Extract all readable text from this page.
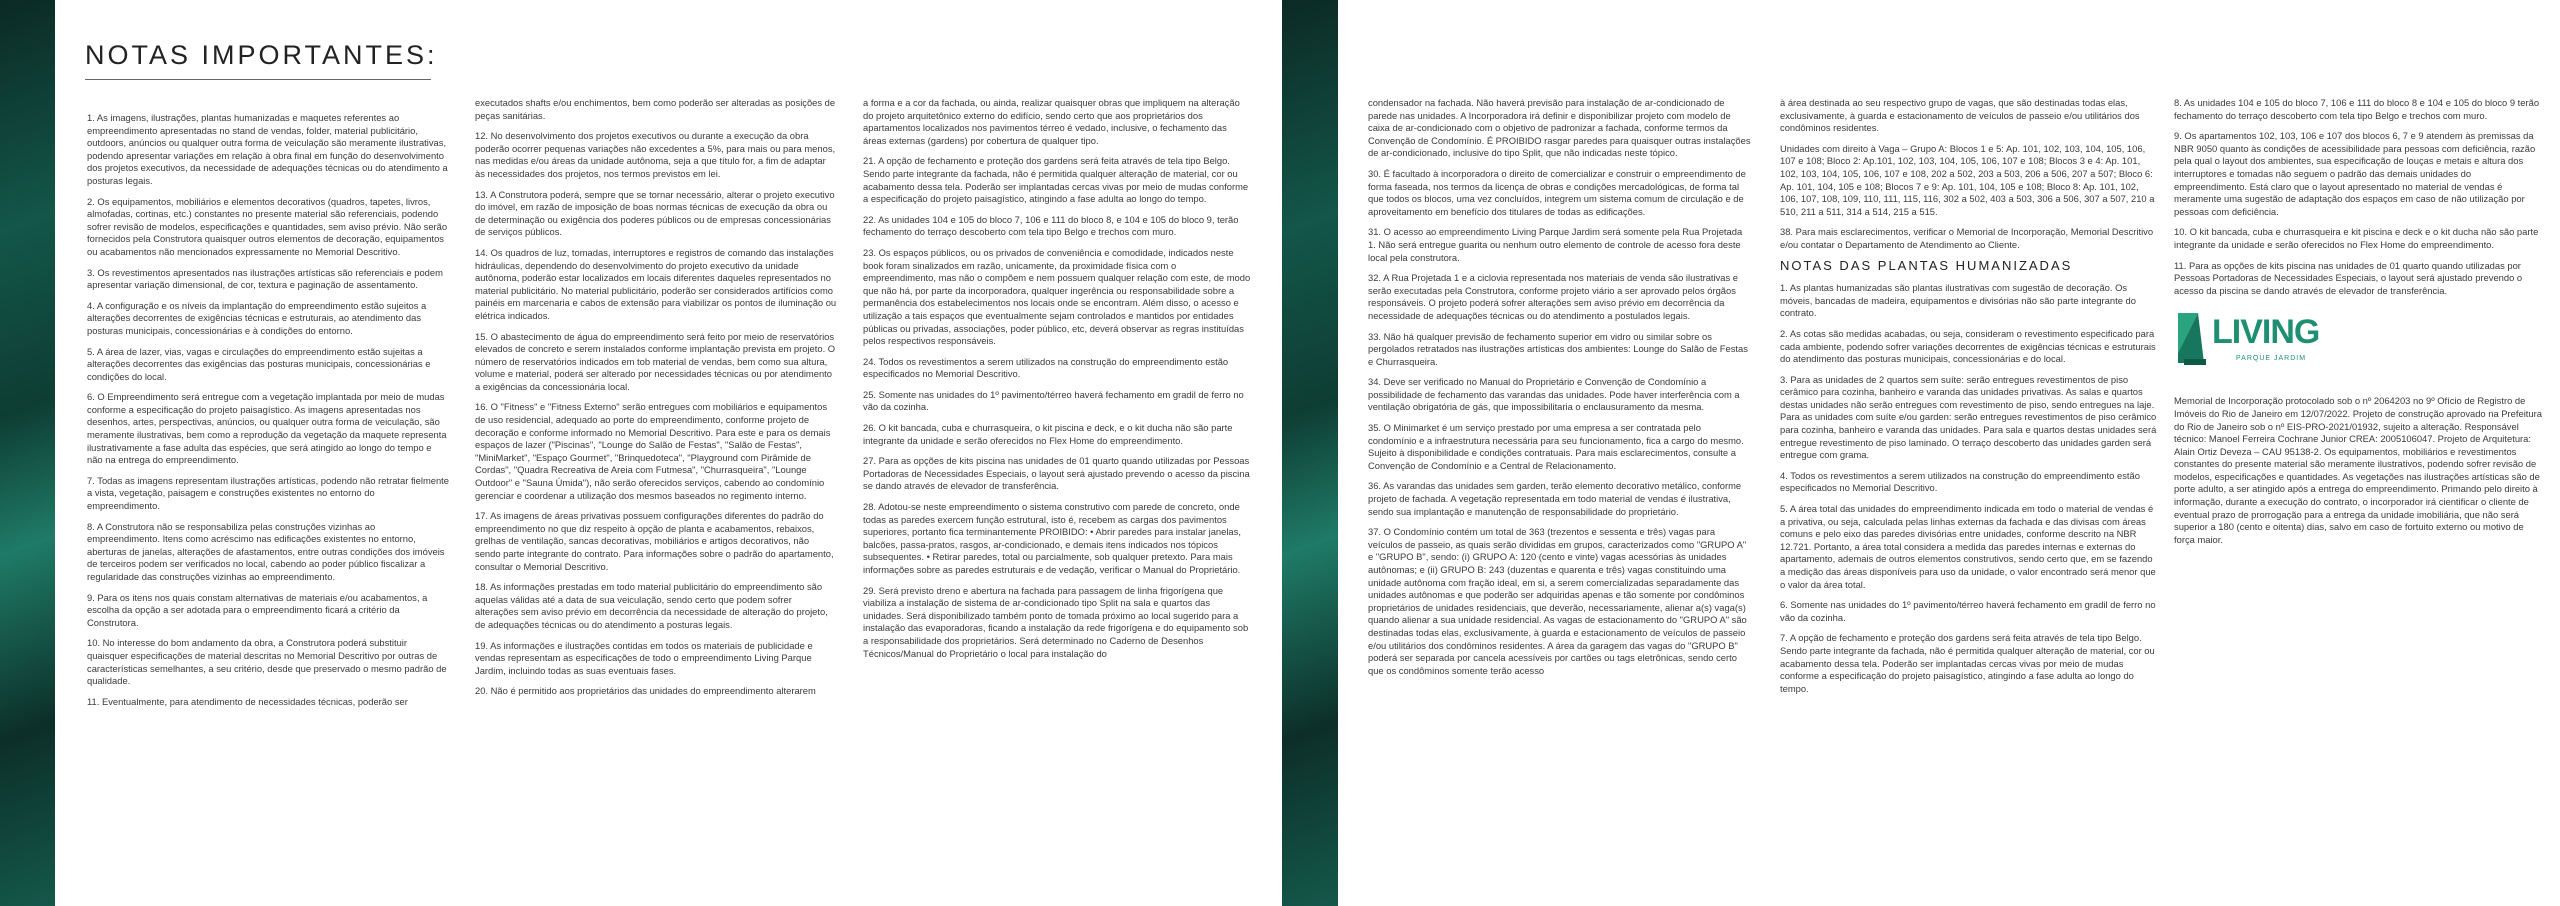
NOTAS IMPORTANTES:

1. As imagens, ilustrações, plantas humanizadas e maquetes referentes ao empreendimento apresentadas no stand de vendas, folder, material publicitário, outdoors, anúncios ou qualquer outra forma de veiculação são meramente ilustrativas, podendo apresentar variações em relação à obra final em função do desenvolvimento dos projetos executivos, da necessidade de adequações técnicas ou do atendimento a posturas legais.

2. Os equipamentos, mobiliários e elementos decorativos (quadros, tapetes, livros, almofadas, cortinas, etc.) constantes no presente material são referenciais, podendo sofrer revisão de modelos, especificações e quantidades, sem aviso prévio. Não serão fornecidos pela Construtora quaisquer outros elementos de decoração, equipamentos ou acabamentos não mencionados expressamente no Memorial Descritivo.

3. Os revestimentos apresentados nas ilustrações artísticas são referenciais e podem apresentar variação dimensional, de cor, textura e paginação de assentamento.

4. A configuração e os níveis da implantação do empreendimento estão sujeitos a alterações decorrentes de exigências técnicas e estruturais, ao atendimento das posturas municipais, concessionárias e à condições do entorno.

5. A área de lazer, vias, vagas e circulações do empreendimento estão sujeitas a alterações decorrentes das exigências das posturas municipais, concessionárias e condições do local.

6. O Empreendimento será entregue com a vegetação implantada por meio de mudas conforme a especificação do projeto paisagístico. As imagens apresentadas nos desenhos, artes, perspectivas, anúncios, ou qualquer outra forma de veiculação, são meramente ilustrativas, bem como a reprodução da vegetação da maquete representa ilustrativamente a fase adulta das espécies, que será atingido ao longo do tempo e não na entrega do empreendimento.

7. Todas as imagens representam ilustrações artísticas, podendo não retratar fielmente a vista, vegetação, paisagem e construções existentes no entorno do empreendimento.

8. A Construtora não se responsabiliza pelas construções vizinhas ao empreendimento. Itens como acréscimo nas edificações existentes no entorno, aberturas de janelas, alterações de afastamentos, entre outras condições dos imóveis de terceiros podem ser verificados no local, cabendo ao poder público fiscalizar a regularidade das construções vizinhas ao empreendimento.

9. Para os itens nos quais constam alternativas de materiais e/ou acabamentos, a escolha da opção a ser adotada para o empreendimento ficará a critério da Construtora.

10. No interesse do bom andamento da obra, a Construtora poderá substituir quaisquer especificações de material descritas no Memorial Descritivo por outras de características semelhantes, a seu critério, desde que preservado o mesmo padrão de qualidade.

11. Eventualmente, para atendimento de necessidades técnicas, poderão ser

executados shafts e/ou enchimentos, bem como poderão ser alteradas as posições de peças sanitárias.

12. No desenvolvimento dos projetos executivos ou durante a execução da obra poderão ocorrer pequenas variações não excedentes a 5%, para mais ou para menos, nas medidas e/ou áreas da unidade autônoma, seja a que título for, a fim de adaptar às necessidades dos projetos, nos termos previstos em lei.

13. A Construtora poderá, sempre que se tornar necessário, alterar o projeto executivo do imóvel, em razão de imposição de boas normas técnicas de execução da obra ou de determinação ou exigência dos poderes públicos ou de empresas concessionárias de serviços públicos.

14. Os quadros de luz, tomadas, interruptores e registros de comando das instalações hidráulicas, dependendo do desenvolvimento do projeto executivo da unidade autônoma, poderão estar localizados em locais diferentes daqueles representados no material publicitário. No material publicitário, poderão ser considerados artifícios como painéis em marcenaria e cabos de extensão para viabilizar os pontos de iluminação ou elétrica indicados.

15. O abastecimento de água do empreendimento será feito por meio de reservatórios elevados de concreto e serem instalados conforme implantação prevista em projeto. O número de reservatórios indicados em tob material de vendas, bem como sua altura, volume e material, poderá ser alterado por necessidades técnicas ou por atendimento a exigências da concessionária local.

16. O "Fitness" e "Fitness Externo" serão entregues com mobiliários e equipamentos de uso residencial, adequado ao porte do empreendimento, conforme projeto de decoração e conforme informado no Memorial Descritivo. Para este e para os demais espaços de lazer ("Piscinas", "Lounge do Salão de Festas", "Salão de Festas", "MiniMarket", "Espaço Gourmet", "Brinquedoteca", "Playground com Pirâmide de Cordas", "Quadra Recreativa de Areia com Futmesa", "Churrasqueira", "Lounge Outdoor" e "Sauna Úmida"), não serão oferecidos serviços, cabendo ao condomínio gerenciar e coordenar a utilização dos mesmos baseados no regimento interno.

17. As imagens de áreas privativas possuem configurações diferentes do padrão do empreendimento no que diz respeito à opção de planta e acabamentos, rebaixos, grelhas de ventilação, sancas decorativas, mobiliários e artigos decorativos, não sendo parte integrante do contrato. Para informações sobre o padrão do apartamento, consultar o Memorial Descritivo.

18. As informações prestadas em todo material publicitário do empreendimento são aquelas válidas até a data de sua veiculação, sendo certo que podem sofrer alterações sem aviso prévio em decorrência da necessidade de alteração do projeto, de adequações técnicas ou do atendimento a posturas legais.

19. As informações e ilustrações contidas em todos os materiais de publicidade e vendas representam as especificações de todo o empreendimento Living Parque Jardim, incluindo todas as suas eventuais fases.

20. Não é permitido aos proprietários das unidades do empreendimento alterarem

a forma e a cor da fachada, ou ainda, realizar quaisquer obras que impliquem na alteração do projeto arquitetônico externo do edifício, sendo certo que aos proprietários dos apartamentos localizados nos pavimentos térreo é vedado, inclusive, o fechamento das áreas externas (gardens) por cobertura de qualquer tipo.

21. A opção de fechamento e proteção dos gardens será feita através de tela tipo Belgo. Sendo parte integrante da fachada, não é permitida qualquer alteração de material, cor ou acabamento dessa tela. Poderão ser implantadas cercas vivas por meio de mudas conforme a especificação do projeto paisagístico, atingindo a fase adulta ao longo do tempo.

22. As unidades 104 e 105 do bloco 7, 106 e 111 do bloco 8, e 104 e 105 do bloco 9, terão fechamento do terraço descoberto com tela tipo Belgo e trechos com muro.

23. Os espaços públicos, ou os privados de conveniência e comodidade, indicados neste book foram sinalizados em razão, unicamente, da proximidade física com o empreendimento, mas não o compõem e nem possuem qualquer relação com este, de modo que não há, por parte da incorporadora, qualquer ingerência ou responsabilidade sobre a permanência dos estabelecimentos nos locais onde se encontram. Além disso, o acesso e utilização a tais espaços que eventualmente sejam controlados e mantidos por entidades públicas ou privadas, associações, poder público, etc, deverá observar as regras instituídas pelos respectivos responsáveis.

24. Todos os revestimentos a serem utilizados na construção do empreendimento estão especificados no Memorial Descritivo.

25. Somente nas unidades do 1º pavimento/térreo haverá fechamento em gradil de ferro no vão da cozinha.

26. O kit bancada, cuba e churrasqueira, o kit piscina e deck, e o kit ducha não são parte integrante da unidade e serão oferecidos no Flex Home do empreendimento.

27. Para as opções de kits piscina nas unidades de 01 quarto quando utilizadas por Pessoas Portadoras de Necessidades Especiais, o layout será ajustado prevendo o acesso da piscina se dando através de elevador de transferência.

28. Adotou-se neste empreendimento o sistema construtivo com parede de concreto, onde todas as paredes exercem função estrutural, isto é, recebem as cargas dos pavimentos superiores, portanto fica terminantemente PROIBIDO: • Abrir paredes para instalar janelas, balcões, passa-pratos, rasgos, ar-condicionado, e demais itens indicados nos tópicos subsequentes. • Retirar paredes, total ou parcialmente, sob qualquer pretexto. Para mais informações sobre as paredes estruturais e de vedação, verificar o Manual do Proprietário.

29. Será previsto dreno e abertura na fachada para passagem de linha frigorígena que viabiliza a instalação de sistema de ar-condicionado tipo Split na sala e quartos das unidades. Será disponibilizado também ponto de tomada próximo ao local sugerido para a instalação das evaporadoras, ficando a instalação da rede frigorígena e do equipamento sob a responsabilidade dos proprietários. Será determinado no Caderno de Desenhos Técnicos/Manual do Proprietário o local para instalação do

condensador na fachada. Não haverá previsão para instalação de ar-condicionado de parede nas unidades. A Incorporadora irá definir e disponibilizar projeto com modelo de caixa de ar-condicionado com o objetivo de padronizar a fachada, conforme termos da Convenção de Condomínio. É PROIBIDO rasgar paredes para quaisquer outras instalações de ar-condicionado, inclusive do tipo Split, que não indicadas neste tópico.

30. É facultado à incorporadora o direito de comercializar e construir o empreendimento de forma faseada, nos termos da licença de obras e condições mercadológicas, de forma tal que todos os blocos, uma vez concluídos, integrem um sistema comum de circulação e de aproveitamento em benefício dos titulares de todas as edificações.

31. O acesso ao empreendimento Living Parque Jardim será somente pela Rua Projetada 1. Não será entregue guarita ou nenhum outro elemento de controle de acesso fora deste local pela construtora.

32. A Rua Projetada 1 e a ciclovia representada nos materiais de venda são ilustrativas e serão executadas pela Construtora, conforme projeto viário a ser aprovado pelos órgãos responsáveis. O projeto poderá sofrer alterações sem aviso prévio em decorrência da necessidade de adequações técnicas ou do atendimento a postulados legais.

33. Não há qualquer previsão de fechamento superior em vidro ou similar sobre os pergolados retratados nas ilustrações artísticas dos ambientes: Lounge do Salão de Festas e Churrasqueira.

34. Deve ser verificado no Manual do Proprietário e Convenção de Condomínio a possibilidade de fechamento das varandas das unidades. Pode haver interferência com a ventilação obrigatória de gás, que impossibilitaria o enclausuramento da mesma.

35. O Minimarket é um serviço prestado por uma empresa a ser contratada pelo condomínio e a infraestrutura necessária para seu funcionamento, fica a cargo do mesmo. Sujeito à disponibilidade e condições contratuais. Para mais esclarecimentos, consulte a Convenção de Condomínio e a Central de Relacionamento.

36. As varandas das unidades sem garden, terão elemento decorativo metálico, conforme projeto de fachada. A vegetação representada em todo material de vendas é ilustrativa, sendo sua implantação e manutenção de responsabilidade do proprietário.

37. O Condomínio contém um total de 363 (trezentos e sessenta e três) vagas para veículos de passeio, as quais serão divididas em grupos, caracterizados como "GRUPO A" e "GRUPO B", sendo: (i) GRUPO A: 120 (cento e vinte) vagas acessórias às unidades autônomas; e (ii) GRUPO B: 243 (duzentas e quarenta e três) vagas constituindo uma unidade autônoma com fração ideal, em si, a serem comercializadas separadamente das unidades autônomas e que poderão ser adquiridas apenas e tão somente por condôminos proprietários de unidades residenciais, que deverão, necessariamente, alienar a(s) vaga(s) quando alienar a sua unidade residencial. As vagas de estacionamento do "GRUPO A" são destinadas todas elas, exclusivamente, à guarda e estacionamento de veículos de passeio e/ou utilitários dos condôminos residentes. A área da garagem das vagas do "GRUPO B" poderá ser separada por cancela acessíveis por cartões ou tags eletrônicas, sendo certo que os condôminos somente terão acesso

à área destinada ao seu respectivo grupo de vagas, que são destinadas todas elas, exclusivamente, à guarda e estacionamento de veículos de passeio e/ou utilitários dos condôminos residentes.

Unidades com direito à Vaga – Grupo A: Blocos 1 e 5: Ap. 101, 102, 103, 104, 105, 106, 107 e 108; Bloco 2: Ap.101, 102, 103, 104, 105, 106, 107 e 108; Blocos 3 e 4: Ap. 101, 102, 103, 104, 105, 106, 107 e 108, 202 a 502, 203 a 503, 206 a 506, 207 a 507; Bloco 6: Ap. 101, 104, 105 e 108; Blocos 7 e 9: Ap. 101, 104, 105 e 108; Bloco 8: Ap. 101, 102, 106, 107, 108, 109, 110, 111, 115, 116, 302 a 502, 403 a 503, 306 a 506, 307 a 507, 210 a 510, 211 a 511, 314 a 514, 215 a 515.

38. Para mais esclarecimentos, verificar o Memorial de Incorporação, Memorial Descritivo e/ou contatar o Departamento de Atendimento ao Cliente.

NOTAS DAS PLANTAS HUMANIZADAS

1. As plantas humanizadas são plantas ilustrativas com sugestão de decoração. Os móveis, bancadas de madeira, equipamentos e divisórias não são parte integrante do contrato.

2. As cotas são medidas acabadas, ou seja, consideram o revestimento especificado para cada ambiente, podendo sofrer variações decorrentes de exigências técnicas e estruturais do atendimento das posturas municipais, concessionárias e do local.

3. Para as unidades de 2 quartos sem suíte: serão entregues revestimentos de piso cerâmico para cozinha, banheiro e varanda das unidades privativas. As salas e quartos destas unidades não serão entregues com revestimento de piso, sendo entregues na laje. Para as unidades com suíte e/ou garden: serão entregues revestimentos de piso cerâmico para cozinha, banheiro e varanda das unidades. Para sala e quartos destas unidades será entregue revestimento de piso laminado. O terraço descoberto das unidades garden será entregue com grama.

4. Todos os revestimentos a serem utilizados na construção do empreendimento estão especificados no Memorial Descritivo.

5. A área total das unidades do empreendimento indicada em todo o material de vendas é a privativa, ou seja, calculada pelas linhas externas da fachada e das divisas com áreas comuns e pelo eixo das paredes divisórias entre unidades, conforme descrito na NBR 12.721. Portanto, a área total considera a medida das paredes internas e externas do apartamento, ademais de outros elementos construtivos, sendo certo que, em se fazendo a medição das áreas disponíveis para uso da unidade, o valor encontrado será menor que o valor da área total.

6. Somente nas unidades do 1º pavimento/térreo haverá fechamento em gradil de ferro no vão da cozinha.

7. A opção de fechamento e proteção dos gardens será feita através de tela tipo Belgo. Sendo parte integrante da fachada, não é permitida qualquer alteração de material, cor ou acabamento dessa tela. Poderão ser implantadas cercas vivas por meio de mudas conforme a especificação do projeto paisagístico, atingindo a fase adulta ao longo do tempo.

8. As unidades 104 e 105 do bloco 7, 106 e 111 do bloco 8 e 104 e 105 do bloco 9 terão fechamento do terraço descoberto com tela tipo Belgo e trechos com muro.

9. Os apartamentos 102, 103, 106 e 107 dos blocos 6, 7 e 9 atendem às premissas da NBR 9050 quanto às condições de acessibilidade para pessoas com deficiência, razão pela qual o layout dos ambientes, sua especificação de louças e metais e altura dos interruptores e tomadas não seguem o padrão das demais unidades do empreendimento. Está claro que o layout apresentado no material de vendas é meramente uma sugestão de adaptação dos espaços em caso de não utilização por pessoas com deficiência.

10. O kit bancada, cuba e churrasqueira e kit piscina e deck e o kit ducha não são parte integrante da unidade e serão oferecidos no Flex Home do empreendimento.

11. Para as opções de kits piscina nas unidades de 01 quarto quando utilizadas por Pessoas Portadoras de Necessidades Especiais, o layout será ajustado prevendo o acesso da piscina se dando através de elevador de transferência.

LIVING
PARQUE JARDIM

Memorial de Incorporação protocolado sob o nº 2064203 no 9º Ofício de Registro de Imóveis do Rio de Janeiro em 12/07/2022. Projeto de construção aprovado na Prefeitura do Rio de Janeiro sob o nº EIS-PRO-2021/01932, sujeito a alteração. Responsável técnico: Manoel Ferreira Cochrane Junior CREA: 2005106047. Projeto de Arquitetura: Alain Ortiz Deveza – CAU 95138-2. Os equipamentos, mobiliários e revestimentos constantes do presente material são meramente ilustrativos, podendo sofrer revisão de modelos, especificações e quantidades. As vegetações nas ilustrações artísticas são de porte adulto, a ser atingido após a entrega do empreendimento. Primando pelo direito à informação, durante a execução do contrato, o incorporador irá cientificar o cliente de eventual prazo de prorrogação para a entrega da unidade imobiliária, que não será superior a 180 (cento e oitenta) dias, salvo em caso de fortuito externo ou motivo de força maior.
